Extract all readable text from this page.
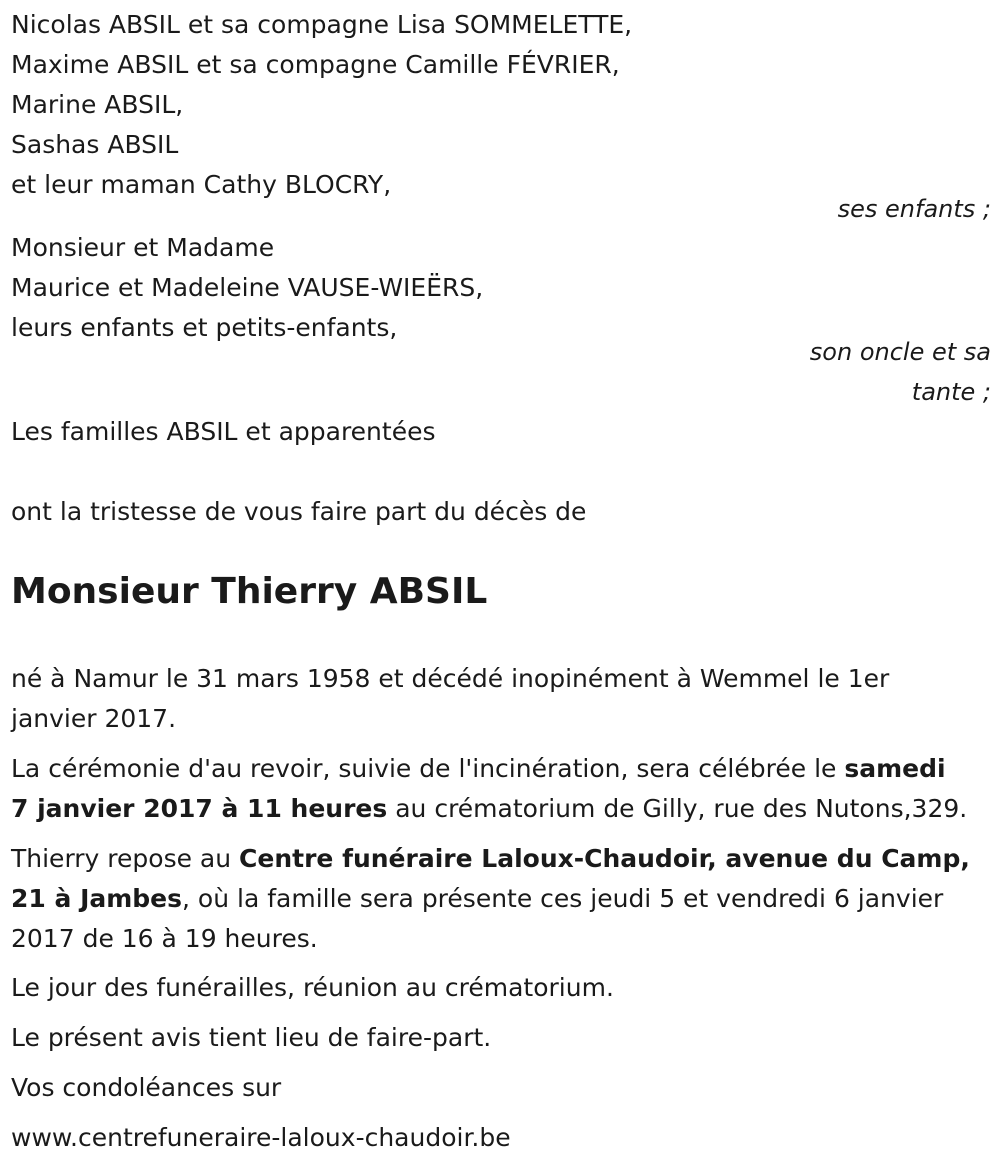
Nicolas ABSIL et sa compagne Lisa SOMMELETTE,
Maxime ABSIL et sa compagne Camille FÉVRIER,
Marine ABSIL,
Sashas ABSIL
et leur maman Cathy BLOCRY,
ses enfants ;
Monsieur et Madame
Maurice et Madeleine VAUSE-WIEËRS,
leurs enfants et petits-enfants,
son oncle et sa
tante ;
Les familles ABSIL et apparentées
ont la tristesse de vous faire part du décès de
Monsieur Thierry ABSIL
né à Namur le 31 mars 1958 et décédé inopinément à Wemmel le 1er
janvier 2017.
La cérémonie d'au revoir, suivie de l'incinération, sera célébrée le samedi
7 janvier 2017 à 11 heures au crématorium de Gilly, rue des Nutons,329.
Thierry repose au Centre funéraire Laloux-Chaudoir, avenue du Camp,
21 à Jambes, où la famille sera présente ces jeudi 5 et vendredi 6 janvier
2017 de 16 à 19 heures.
Le jour des funérailles, réunion au crématorium.
Le présent avis tient lieu de faire-part.
Vos condoléances sur
www.centrefuneraire-laloux-chaudoir.be
